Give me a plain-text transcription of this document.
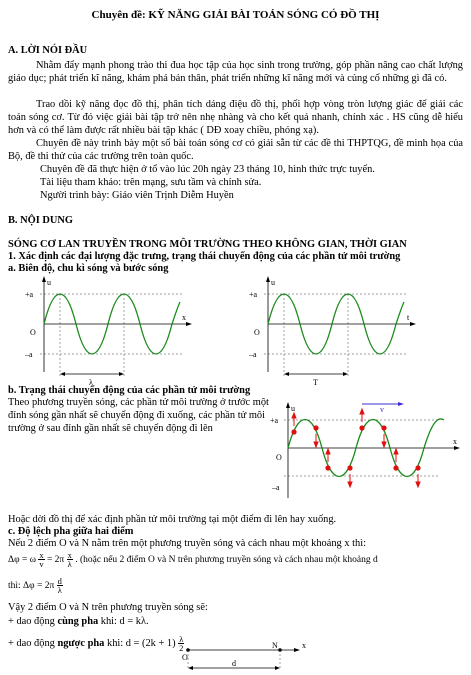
Chuyên đề: KỸ NĂNG GIẢI BÀI TOÁN SÓNG CÓ ĐỒ THỊ
A. LỜI NÓI ĐẦU
Nhằm đẩy mạnh phong trào thi đua học tập của học sinh trong trường, góp phần nâng cao chất lượng giáo dục; phát triển kĩ năng, khám phá bản thân, phát triển những kĩ năng mới và củng cố những gì đã có.
Trao dồi kỹ năng đọc đồ thị, phân tích dáng điệu đồ thị, phối hợp vòng tròn lượng giác để giải các toán sóng cơ. Từ đó việc giải bài tập trở nên nhẹ nhàng và cho kết quả nhanh, chính xác . HS cũng dễ hiểu hơn và có thể làm được rất nhiều bài tập khác ( DĐ xoay chiều, phóng xạ).
Chuyên đề này trình bày một số bài toán sóng cơ có giải sẵn từ các đề thi THPTQG, đề minh họa của Bộ, đề thi thử của các trường trên toàn quốc.
Chuyên đề đã thực hiện ở tổ vào lúc 20h ngày 23 tháng 10, hình thức trực tuyến.
Tài liệu tham khảo: trên mạng, sưu tầm và chỉnh sửa.
Người trình bày: Giáo viên Trịnh Diễm Huyền
B. NỘI DUNG
SÓNG CƠ LAN TRUYỀN TRONG MÔI TRƯỜNG THEO KHÔNG GIAN, THỜI GIAN
1. Xác định các đại lượng đặc trưng, trạng thái chuyển động của các phần tử môi trường
a. Biên độ, chu kì sóng và bước sóng
u
+a
O
–a
x
λ
u
+a
O
–a
t
T
b. Trạng thái chuyển động của các phần tử môi trường
Theo phương truyền sóng, các phần tử môi trường ở trước một đỉnh sóng gần nhất sẽ chuyển động đi xuống, các phần tử môi trường ở sau đỉnh gần nhất sẽ chuyển động đi lên
u
+a
O
–a
x
v
Hoặc dời đồ thị để xác định phần tử môi trường tại một điểm đi lên hay xuống.
c. Độ lệch pha giữa hai điểm
Nếu 2 điểm O và N nằm trên một phương truyền sóng và cách nhau một khoảng x thì:
Δφ = ω $\frac{x}{v} = 2\pi \frac{x}{\lambda}$ . (hoặc nếu 2 điểm O và N trên phương truyền sóng và cách nhau một khoảng d
thì: $\Delta\varphi = 2\pi \frac{d}{\lambda}$
Vậy 2 điểm O và N trên phương truyền sóng sẽ:
+ dao động cùng pha khi: d = kλ.
+ dao động ngược pha khi: $d = (2k + 1) \frac{\lambda}{2}$
O
N	x
d
